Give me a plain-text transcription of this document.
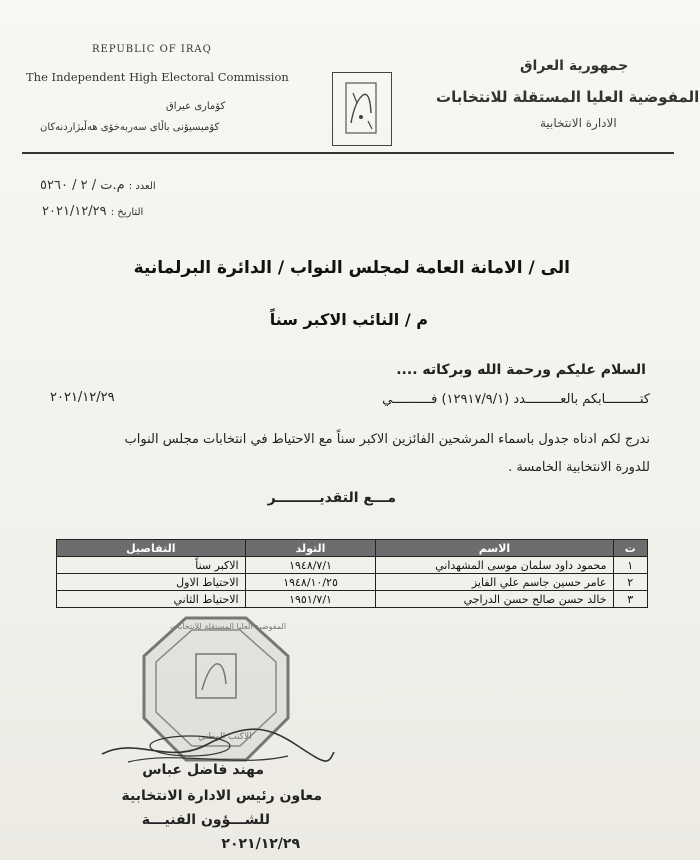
REPUBLIC OF IRAQ
The Independent High Electoral Commission
كۆماری عیراق
كۆمیسیۆنی باڵای سەربەخۆی هەڵبژاردنەكان
جمهورية العراق
المفوضية العليا المستقلة للانتخابات
الادارة الانتخابية
العدد : م.ت / ٢ / ٥٢٦٠
التاريخ : ٢٠٢١/١٢/٢٩
الى / الامانة العامة لمجلس النواب / الدائرة البرلمانية
م / النائب الاكبر سناً
السلام عليكم ورحمة الله وبركاته ....
كتـــــــــابكم بالعـــــــــدد (١٢٩١٧/٩/١) فــــــــــي
٢٠٢١/١٢/٢٩
ندرج لكم ادناه جدول باسماء المرشحين الفائزين الاكبر سناً مع الاحتياط في انتخابات مجلس النواب
للدورة الانتخابية الخامسة .
مـــع التقديـــــــــر
ت	الاسم	التولد	التفاصيل
١	محمود داود سلمان موسى المشهداني	١٩٤٨/٧/١	الاكبر سناً
٢	عامر حسين جاسم علي الفايز	١٩٤٨/١٠/٢٥	الاحتياط الاول
٣	خالد حسن صالح حسن الدراجي	١٩٥١/٧/١	الاحتياط الثاني
المفوضية العليا المستقلة للانتخابات
الاكتب الوطني
مهند فاضل عباس
معاون رئيس الادارة الانتخابية
للشـــؤون الفنيـــة
٢٠٢١/١٢/٢٩
